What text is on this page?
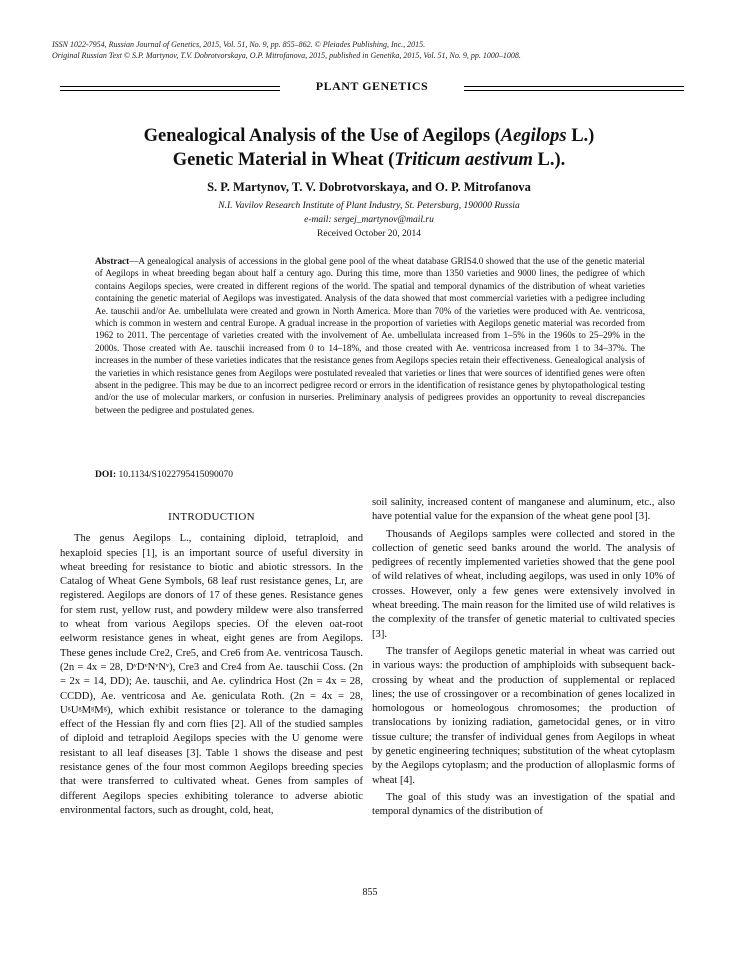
ISSN 1022-7954, Russian Journal of Genetics, 2015, Vol. 51, No. 9, pp. 855–862. © Pleiades Publishing, Inc., 2015.
Original Russian Text © S.P. Martynov, T.V. Dobrotvorskaya, O.P. Mitrofanova, 2015, published in Genetika, 2015, Vol. 51, No. 9, pp. 1000–1008.
PLANT GENETICS
Genealogical Analysis of the Use of Aegilops (Aegilops L.)
Genetic Material in Wheat (Triticum aestivum L.).
S. P. Martynov, T. V. Dobrotvorskaya, and O. P. Mitrofanova
N.I. Vavilov Research Institute of Plant Industry, St. Petersburg, 190000 Russia
e-mail: sergej_martynov@mail.ru
Received October 20, 2014
Abstract—A genealogical analysis of accessions in the global gene pool of the wheat database GRIS4.0 showed that the use of the genetic material of Aegilops in wheat breeding began about half a century ago. During this time, more than 1350 varieties and 9000 lines, the pedigree of which contains Aegilops species, were created in different regions of the world. The spatial and temporal dynamics of the distribution of wheat varieties containing the genetic material of Aegilops was investigated. Analysis of the data showed that most commercial varieties with a pedigree including Ae. tauschii and/or Ae. umbellulata were created and grown in North America. More than 70% of the varieties were produced with Ae. ventricosa, which is common in western and central Europe. A gradual increase in the proportion of varieties with Aegilops genetic material was recorded from 1962 to 2011. The percentage of varieties created with the involvement of Ae. umbellulata increased from 1–5% in the 1960s to 25–29% in the 2000s. Those created with Ae. tauschii increased from 0 to 14–18%, and those created with Ae. ventricosa increased from 1 to 34–37%. The increases in the number of these varieties indicates that the resistance genes from Aegilops species retain their effectiveness. Genealogical analysis of the varieties in which resistance genes from Aegilops were postulated revealed that varieties or lines that were sources of identified genes were often absent in the pedigree. This may be due to an incorrect pedigree record or errors in the identification of resistance genes by phytopathological testing and/or the use of molecular markers, or confusion in nurseries. Preliminary analysis of pedigrees provides an opportunity to reveal discrepancies between the pedigree and postulated genes.
DOI: 10.1134/S1022795415090070
INTRODUCTION

The genus Aegilops L., containing diploid, tetraploid, and hexaploid species [1], is an important source of useful diversity in wheat breeding for resistance to biotic and abiotic stressors. In the Catalog of Wheat Gene Symbols, 68 leaf rust resistance genes, Lr, are registered. Aegilops are donors of 17 of these genes. Resistance genes for stem rust, yellow rust, and powdery mildew were also transferred to wheat from various Aegilops species. Of the eleven oat-root eelworm resistance genes in wheat, eight genes are from Aegilops. These genes include Cre2, Cre5, and Cre6 from Ae. ventricosa Tausch. (2n = 4x = 28, DᵛDᵛNᵛNᵛ), Cre3 and Cre4 from Ae. tauschii Coss. (2n = 2x = 14, DD); Ae. tauschii, and Ae. cylindrica Host (2n = 4x = 28, CCDD), Ae. ventricosa and Ae. geniculata Roth. (2n = 4x = 28, UᵍUᵍMᵍMᵍ), which exhibit resistance or tolerance to the damaging effect of the Hessian fly and corn flies [2]. All of the studied samples of diploid and tetraploid Aegilops species with the U genome were resistant to all leaf diseases [3]. Table 1 shows the disease and pest resistance genes of the four most common Aegilops breeding species that were transferred to cultivated wheat. Genes from samples of different Aegilops species exhibiting tolerance to adverse abiotic environmental factors, such as drought, cold, heat,

soil salinity, increased content of manganese and aluminum, etc., also have potential value for the expansion of the wheat gene pool [3].

Thousands of Aegilops samples were collected and stored in the collection of genetic seed banks around the world. The analysis of pedigrees of recently implemented varieties showed that the gene pool of wild relatives of wheat, including aegilops, was used in only 10% of crosses. However, only a few genes were extensively involved in wheat breeding. The main reason for the limited use of wild relatives is the complexity of the transfer of genetic material to cultivated species [3].

The transfer of Aegilops genetic material in wheat was carried out in various ways: the production of amphiploids with subsequent back-crossing by wheat and the production of supplemental or replaced lines; the use of crossingover or a recombination of genes localized in homologous or homeologous chromosomes; the production of translocations by ionizing radiation, gametocidal genes, or in vitro tissue culture; the transfer of individual genes from Aegilops in wheat by genetic engineering techniques; substitution of the wheat cytoplasm by the Aegilops cytoplasm; and the production of alloplasmic forms of wheat [4].

The goal of this study was an investigation of the spatial and temporal dynamics of the distribution of

855
